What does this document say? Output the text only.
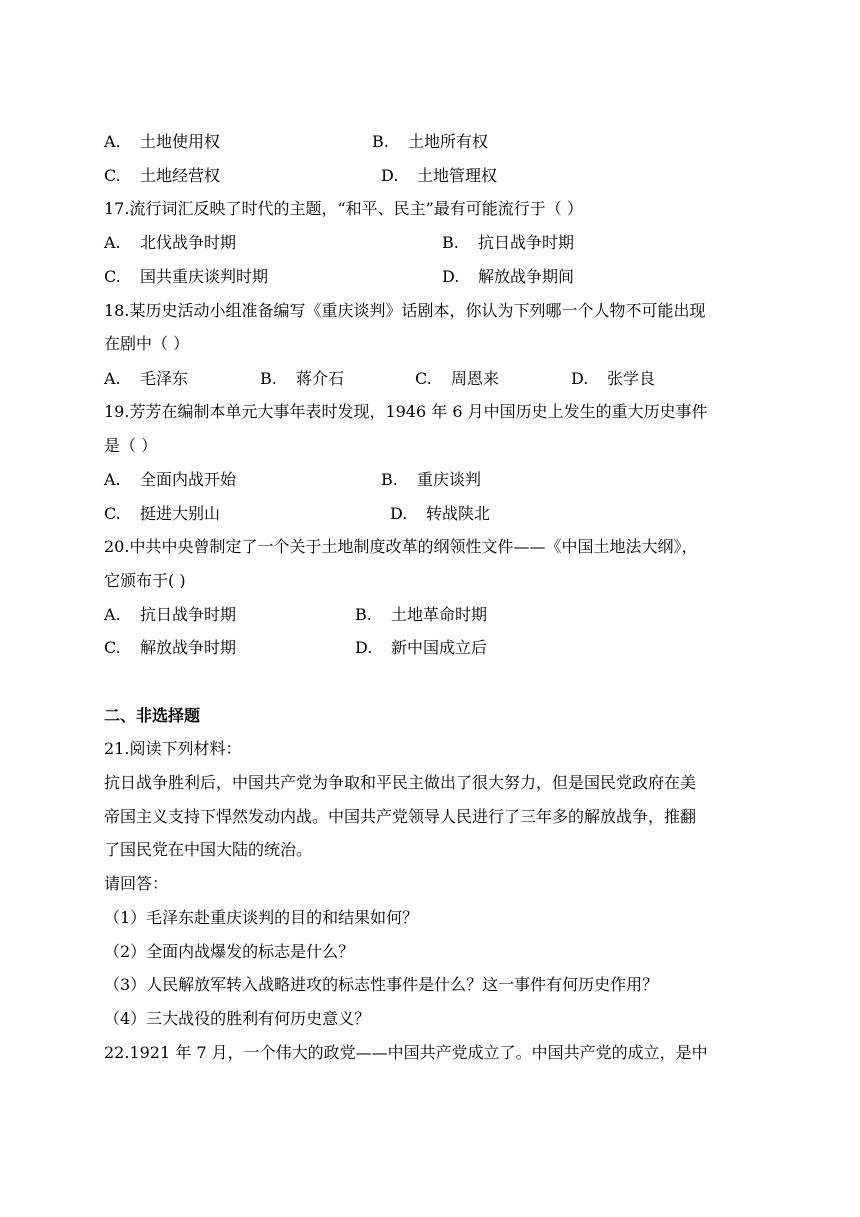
A. 土地使用权	B. 土地所有权
C. 土地经营权	D. 土地管理权
17.流行词汇反映了时代的主题，“和平、民主”最有可能流行于（ ）
A. 北伐战争时期	B. 抗日战争时期
C. 国共重庆谈判时期	D. 解放战争期间
18.某历史活动小组准备编写《重庆谈判》话剧本，你认为下列哪一个人物不可能出现
在剧中（ ）
A. 毛泽东	B. 蒋介石	C. 周恩来	D. 张学良
19.芳芳在编制本单元大事年表时发现，1946 年 6 月中国历史上发生的重大历史事件
是（ ）
A. 全面内战开始	B. 重庆谈判
C. 挺进大别山	D. 转战陕北
20.中共中央曾制定了一个关于土地制度改革的纲领性文件——《中国土地法大纲》，
它颁布于( )
A. 抗日战争时期	B. 土地革命时期
C. 解放战争时期	D. 新中国成立后
二、非选择题
21.阅读下列材料：
抗日战争胜利后，中国共产党为争取和平民主做出了很大努力，但是国民党政府在美
帝国主义支持下悍然发动内战。中国共产党领导人民进行了三年多的解放战争，推翻
了国民党在中国大陆的统治。
请回答：
（1）毛泽东赴重庆谈判的目的和结果如何？
（2）全面内战爆发的标志是什么？
（3）人民解放军转入战略进攻的标志性事件是什么？这一事件有何历史作用？
（4）三大战役的胜利有何历史意义？
22.1921 年 7 月，一个伟大的政党——中国共产党成立了。中国共产党的成立，是中
